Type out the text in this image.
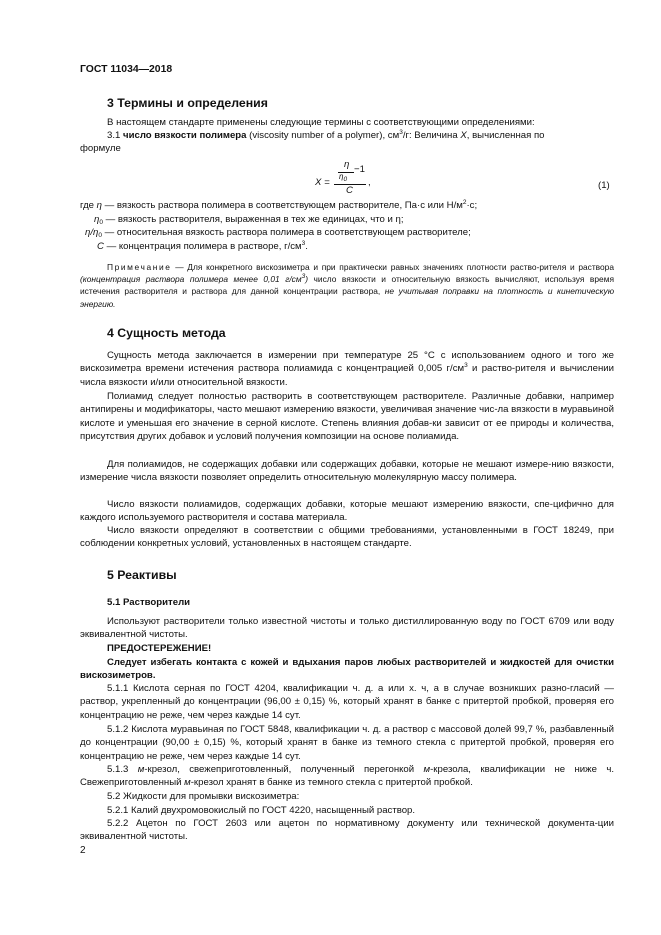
ГОСТ 11034—2018
3 Термины и определения

В настоящем стандарте применены следующие термины с соответствующими определениями:

3.1 число вязкости полимера (viscosity number of a polymer), $см^3/г$: Величина X, вычисленная по
формуле

X =
η
$\eta_0$
−1
C
,	(1)
где η — вязкость раствора полимера в соответствующем растворителе, Па·с или $Н/м^2\cdot с$;
$\eta_0$ — вязкость растворителя, выраженная в тех же единицах, что и η;
$\eta/\eta_0$ — относительная вязкость раствора полимера в соответствующем растворителе;
C — концентрация полимера в растворе, $г/см^3$.

Примечание — Для конкретного вискозиметра и при практически равных значениях плотности раство-рителя и раствора (концентрация раствора полимера менее 0,01 $г/см^3$) число вязкости и относительную вязкость вычисляют, используя время истечения растворителя и раствора для данной концентрации раствора, не учитывая поправки на плотность и кинетическую энергию.

4 Сущность метода

Сущность метода заключается в измерении при температуре 25 °С с использованием одного и того же вискозиметра времени истечения раствора полиамида с концентрацией 0,005 $г/см^3$ и раство-рителя и вычислении числа вязкости и/или относительной вязкости.

Полиамид следует полностью растворить в соответствующем растворителе. Различные добавки, например антипирены и модификаторы, часто мешают измерению вязкости, увеличивая значение чис-ла вязкости в муравьиной кислоте и уменьшая его значение в серной кислоте. Степень влияния добав-ки зависит от ее природы и количества, присутствия других добавок и условий получения композиции на основе полиамида.

Для полиамидов, не содержащих добавки или содержащих добавки, которые не мешают измере-нию вязкости, измерение числа вязкости позволяет определить относительную молекулярную массу полимера.

Число вязкости полиамидов, содержащих добавки, которые мешают измерению вязкости, спе-цифично для каждого используемого растворителя и состава материала.

Число вязкости определяют в соответствии с общими требованиями, установленными в ГОСТ 18249, при соблюдении конкретных условий, установленных в настоящем стандарте.

5 Реактивы
5.1 Растворители

Используют растворители только известной чистоты и только дистиллированную воду по ГОСТ 6709 или воду эквивалентной чистоты.

ПРЕДОСТЕРЕЖЕНИЕ!

Следует избегать контакта с кожей и вдыхания паров любых растворителей и жидкостей для очистки вискозиметров.

5.1.1 Кислота серная по ГОСТ 4204, квалификации ч. д. а или х. ч, а в случае возникших разно-гласий — раствор, укрепленный до концентрации (96,00 ± 0,15) %, который хранят в банке с притертой пробкой, проверяя его концентрацию не реже, чем через каждые 14 сут.

5.1.2 Кислота муравьиная по ГОСТ 5848, квалификации ч. д. а раствор с массовой долей 99,7 %, разбавленный до концентрации (90,00 ± 0,15) %, который хранят в банке из темного стекла с притертой пробкой, проверяя его концентрацию не реже, чем через каждые 14 сут.

5.1.3 м-крезол, свежеприготовленный, полученный перегонкой м-крезола, квалификации не ниже ч. Свежеприготовленный м-крезол хранят в банке из темного стекла с притертой пробкой.

5.2 Жидкости для промывки вискозиметра:

5.2.1 Калий двухромовокислый по ГОСТ 4220, насыщенный раствор.

5.2.2 Ацетон по ГОСТ 2603 или ацетон по нормативному документу или технической документа-ции эквивалентной чистоты.

2
